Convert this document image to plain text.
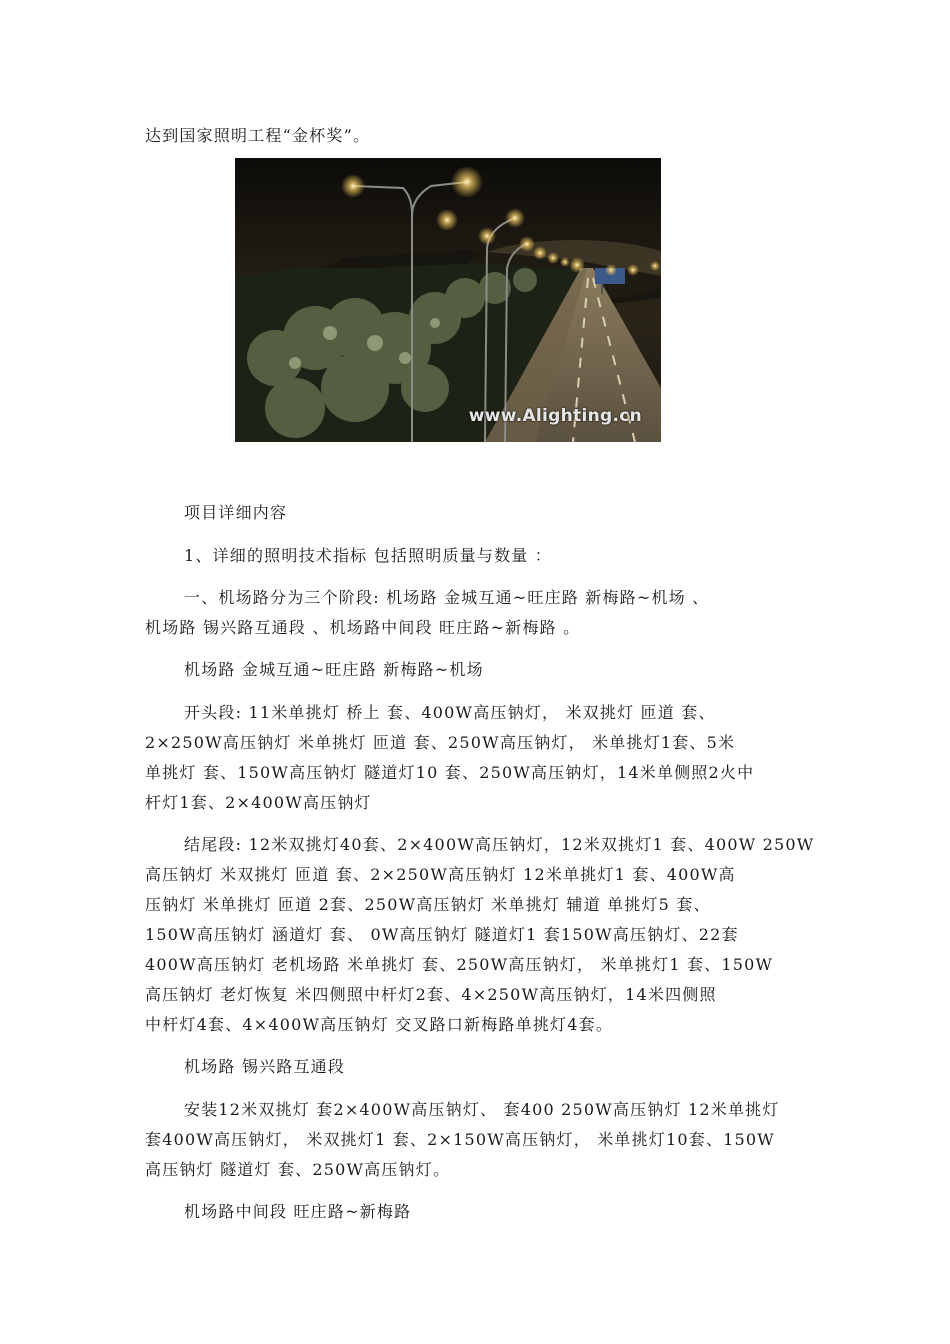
达到国家照明工程“金杯奖”。
www.Alighting.cn
项目详细内容
1、详细的照明技术指标 包括照明质量与数量 ：
一、机场路分为三个阶段: 机场路 金城互通~旺庄路 新梅路~机场 、
机场路 锡兴路互通段 、机场路中间段 旺庄路~新梅路 。
机场路 金城互通~旺庄路 新梅路~机场
开头段: 11米单挑灯 桥上 套、400W高压钠灯， 米双挑灯 匝道 套、
2×250W高压钠灯 米单挑灯 匝道 套、250W高压钠灯， 米单挑灯1套、5米
单挑灯 套、150W高压钠灯 隧道灯10 套、250W高压钠灯，14米单侧照2火中
杆灯1套、2×400W高压钠灯
结尾段: 12米双挑灯40套、2×400W高压钠灯，12米双挑灯1 套、400W 250W
高压钠灯 米双挑灯 匝道 套、2×250W高压钠灯 12米单挑灯1 套、400W高
压钠灯 米单挑灯 匝道 2套、250W高压钠灯 米单挑灯 辅道 单挑灯5 套、
150W高压钠灯 涵道灯 套、 0W高压钠灯 隧道灯1 套150W高压钠灯、22套
400W高压钠灯 老机场路 米单挑灯 套、250W高压钠灯， 米单挑灯1 套、150W
高压钠灯 老灯恢复 米四侧照中杆灯2套、4×250W高压钠灯，14米四侧照
中杆灯4套、4×400W高压钠灯 交叉路口新梅路单挑灯4套。
机场路 锡兴路互通段
安装12米双挑灯 套2×400W高压钠灯、 套400 250W高压钠灯 12米单挑灯
套400W高压钠灯， 米双挑灯1 套、2×150W高压钠灯， 米单挑灯10套、150W
高压钠灯 隧道灯 套、250W高压钠灯。
机场路中间段 旺庄路~新梅路
